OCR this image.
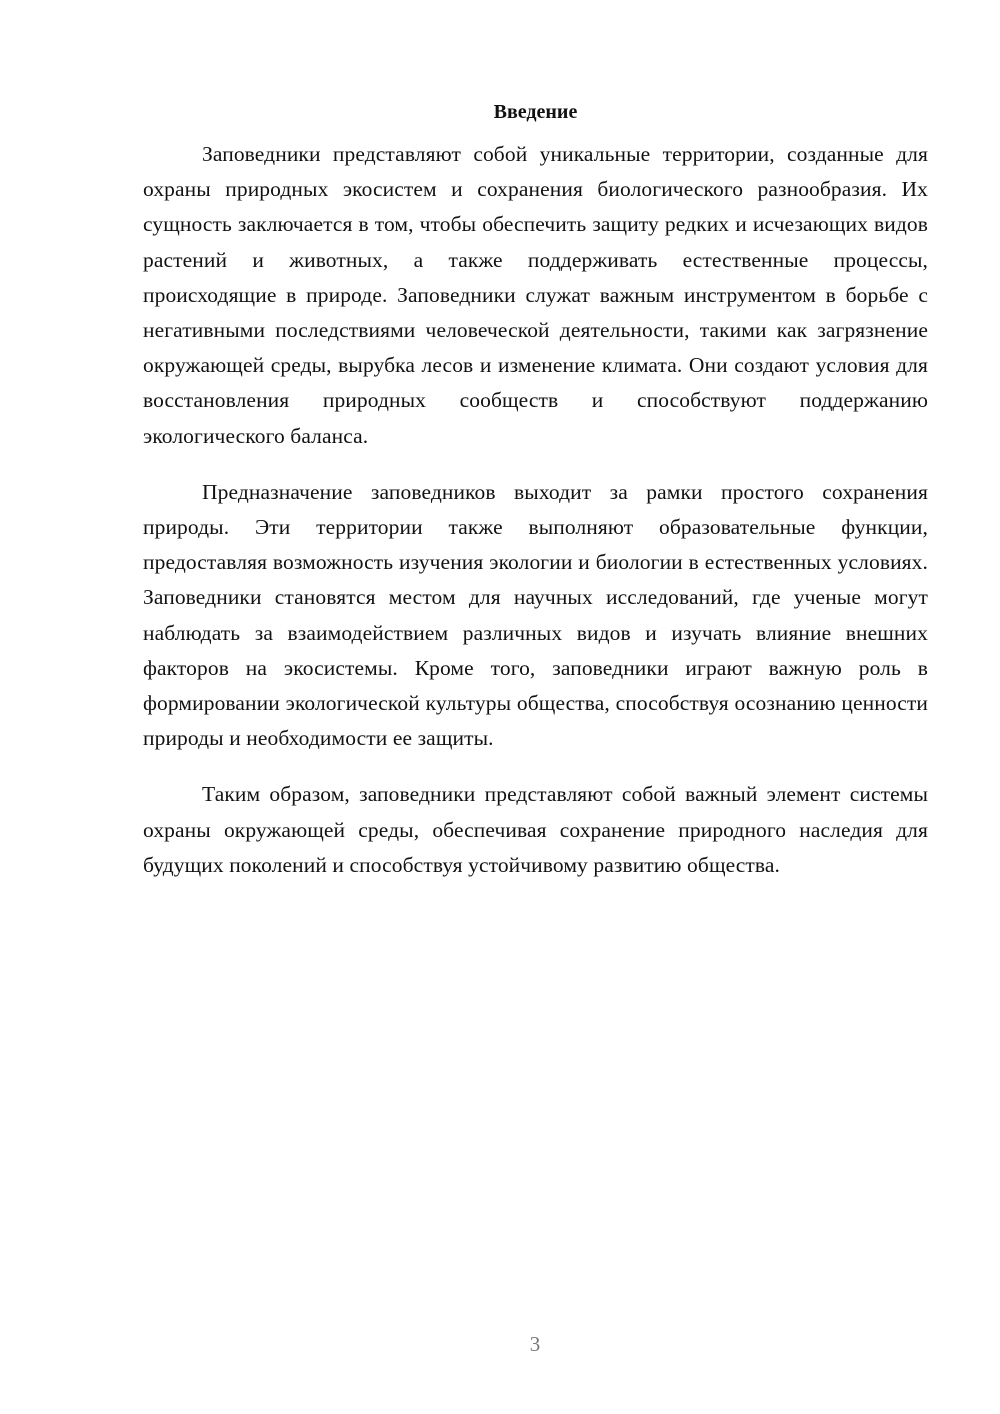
Введение

Заповедники представляют собой уникальные территории, созданные для охраны природных экосистем и сохранения биологического разнообразия. Их сущность заключается в том, чтобы обеспечить защиту редких и исчезающих видов растений и животных, а также поддерживать естественные процессы, происходящие в природе. Заповедники служат важным инструментом в борьбе с негативными последствиями человеческой деятельности, такими как загрязнение окружающей среды, вырубка лесов и изменение климата. Они создают условия для восстановления природных сообществ и способствуют поддержанию экологического баланса.

Предназначение заповедников выходит за рамки простого сохранения природы. Эти территории также выполняют образовательные функции, предоставляя возможность изучения экологии и биологии в естественных условиях. Заповедники становятся местом для научных исследований, где ученые могут наблюдать за взаимодействием различных видов и изучать влияние внешних факторов на экосистемы. Кроме того, заповедники играют важную роль в формировании экологической культуры общества, способствуя осознанию ценности природы и необходимости ее защиты.

Таким образом, заповедники представляют собой важный элемент системы охраны окружающей среды, обеспечивая сохранение природного наследия для будущих поколений и способствуя устойчивому развитию общества.

3
